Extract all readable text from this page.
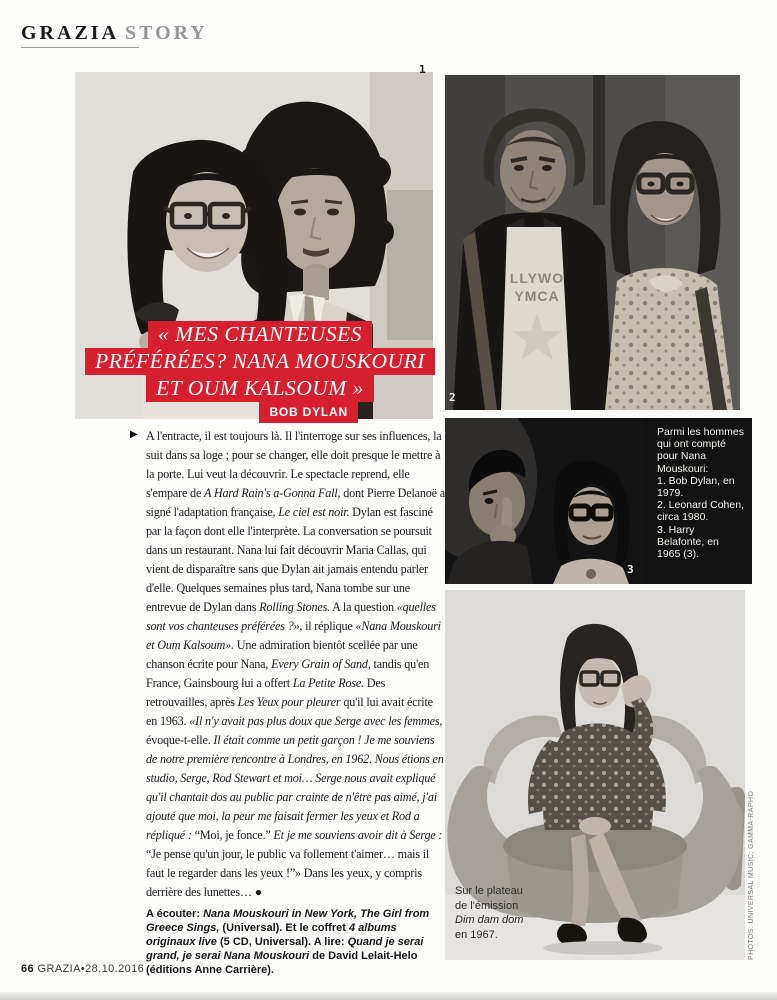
GRAZIA STORY
1
« MES CHANTEUSES
PRÉFÉRÉES? NANA MOUSKOURI
ET OUM KALSOUM »
BOB DYLAN
LLYWO
YMCA
2
3
Parmi les hommes qui ont compté pour Nana Mouskouri:
1. Bob Dylan, en 1979.
2. Leonard Cohen, circa 1980.
3. Harry Belafonte, en 1965 (3).
Sur le plateau
de l'émission
Dim dam dom
en 1967.	PHOTOS: UNIVERSAL MUSIC; GAMMA-RAPHO
▶ A l'entracte, il est toujours là. Il l'interroge sur ses influences, la suit dans sa loge ; pour se changer, elle doit presque le mettre à la porte. Lui veut la découvrir. Le spectacle reprend, elle s'empare de A Hard Rain's a-Gonna Fall, dont Pierre Delanoë a signé l'adaptation française, Le ciel est noir. Dylan est fasciné par la façon dont elle l'interprète. La conversation se poursuit dans un restaurant. Nana lui fait découvrir Maria Callas, qui vient de disparaître sans que Dylan ait jamais entendu parler d'elle. Quelques semaines plus tard, Nana tombe sur une entrevue de Dylan dans Rolling Stones. A la question «quelles sont vos chanteuses préférées ?», il réplique «Nana Mouskouri et Oum Kalsoum». Une admiration bientôt scellée par une chanson écrite pour Nana, Every Grain of Sand, tandis qu'en France, Gainsbourg lui a offert La Petite Rose. Des retrouvailles, après Les Yeux pour pleurer qu'il lui avait écrite en 1963. «Il n'y avait pas plus doux que Serge avec les femmes, évoque-t-elle. Il était comme un petit garçon ! Je me souviens de notre première rencontre à Londres, en 1962. Nous étions en studio, Serge, Rod Stewart et moi… Serge nous avait expliqué qu'il chantait dos au public par crainte de n'être pas aimé, j'ai ajouté que moi, la peur me faisait fermer les yeux et Rod a répliqué : “Moi, je fonce.” Et je me souviens avoir dit à Serge : “Je pense qu'un jour, le public va follement t'aimer… mais il faut le regarder dans les yeux !”» Dans les yeux, y compris derrière des lunettes… ●
A écouter: Nana Mouskouri in New York, The Girl from Greece Sings, (Universal). Et le coffret 4 albums originaux live (5 CD, Universal). A lire: Quand je serai grand, je serai Nana Mouskouri de David Lelait-Helo (éditions Anne Carrière).
66 GRAZIA•28.10.2016
